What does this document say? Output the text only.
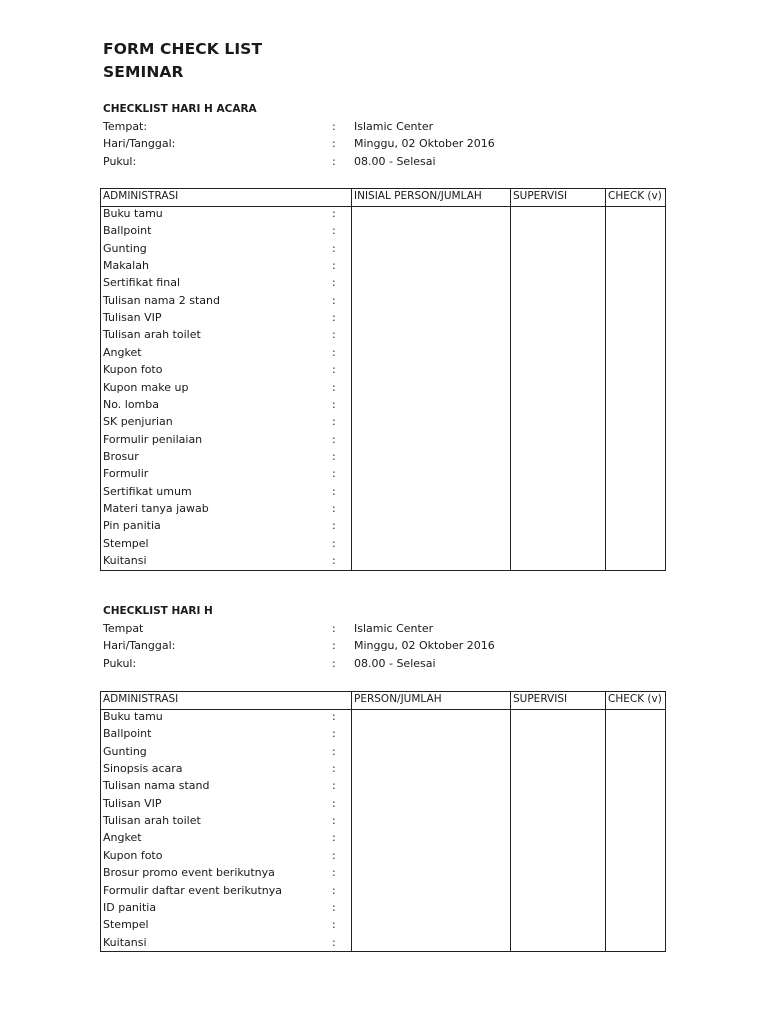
FORM CHECK LIST
SEMINAR
CHECKLIST HARI H ACARA
Tempat:	: Islamic Center
Hari/Tanggal:	: Minggu, 02 Oktober 2016
Pukul:	: 08.00 - Selesai
ADMINISTRASI	INISIAL PERSON/JUMLAH	SUPERVISI	CHECK (v)
Buku tamu	:
Ballpoint	:
Gunting	:
Makalah	:
Sertifikat final	:
Tulisan nama 2 stand	:
Tulisan VIP	:
Tulisan arah toilet	:
Angket	:
Kupon foto	:
Kupon make up	:
No. lomba	:
SK penjurian	:
Formulir penilaian	:
Brosur	:
Formulir	:
Sertifikat umum	:
Materi tanya jawab	:
Pin panitia	:
Stempel	:
Kuitansi	:
CHECKLIST HARI H
Tempat	: Islamic Center
Hari/Tanggal:	: Minggu, 02 Oktober 2016
Pukul:	: 08.00 - Selesai
ADMINISTRASI	PERSON/JUMLAH	SUPERVISI	CHECK (v)
Buku tamu	:
Ballpoint	:
Gunting	:
Sinopsis acara	:
Tulisan nama stand	:
Tulisan VIP	:
Tulisan arah toilet	:
Angket	:
Kupon foto	:
Brosur promo event berikutnya	:
Formulir daftar event berikutnya	:
ID panitia	:
Stempel	:
Kuitansi	:
